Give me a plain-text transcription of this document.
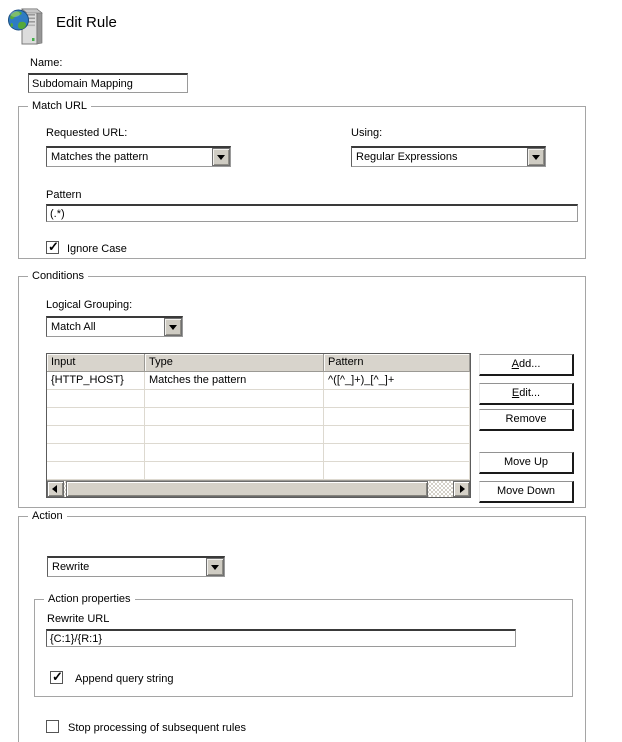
Edit Rule
Name:
Subdomain Mapping
Match URL
Requested URL:
Matches the pattern
Using:
Regular Expressions
Pattern
(.*)
✓
Ignore Case
Conditions
Logical Grouping:
Match All
Input	Type	Pattern
{HTTP_HOST}	Matches the pattern	^([^_]+)_[^_]+
Add...
Edit...
Remove
Move Up
Move Down
Action
Rewrite
Action properties
Rewrite URL
{C:1}/{R:1}
✓
Append query string
Stop processing of subsequent rules
